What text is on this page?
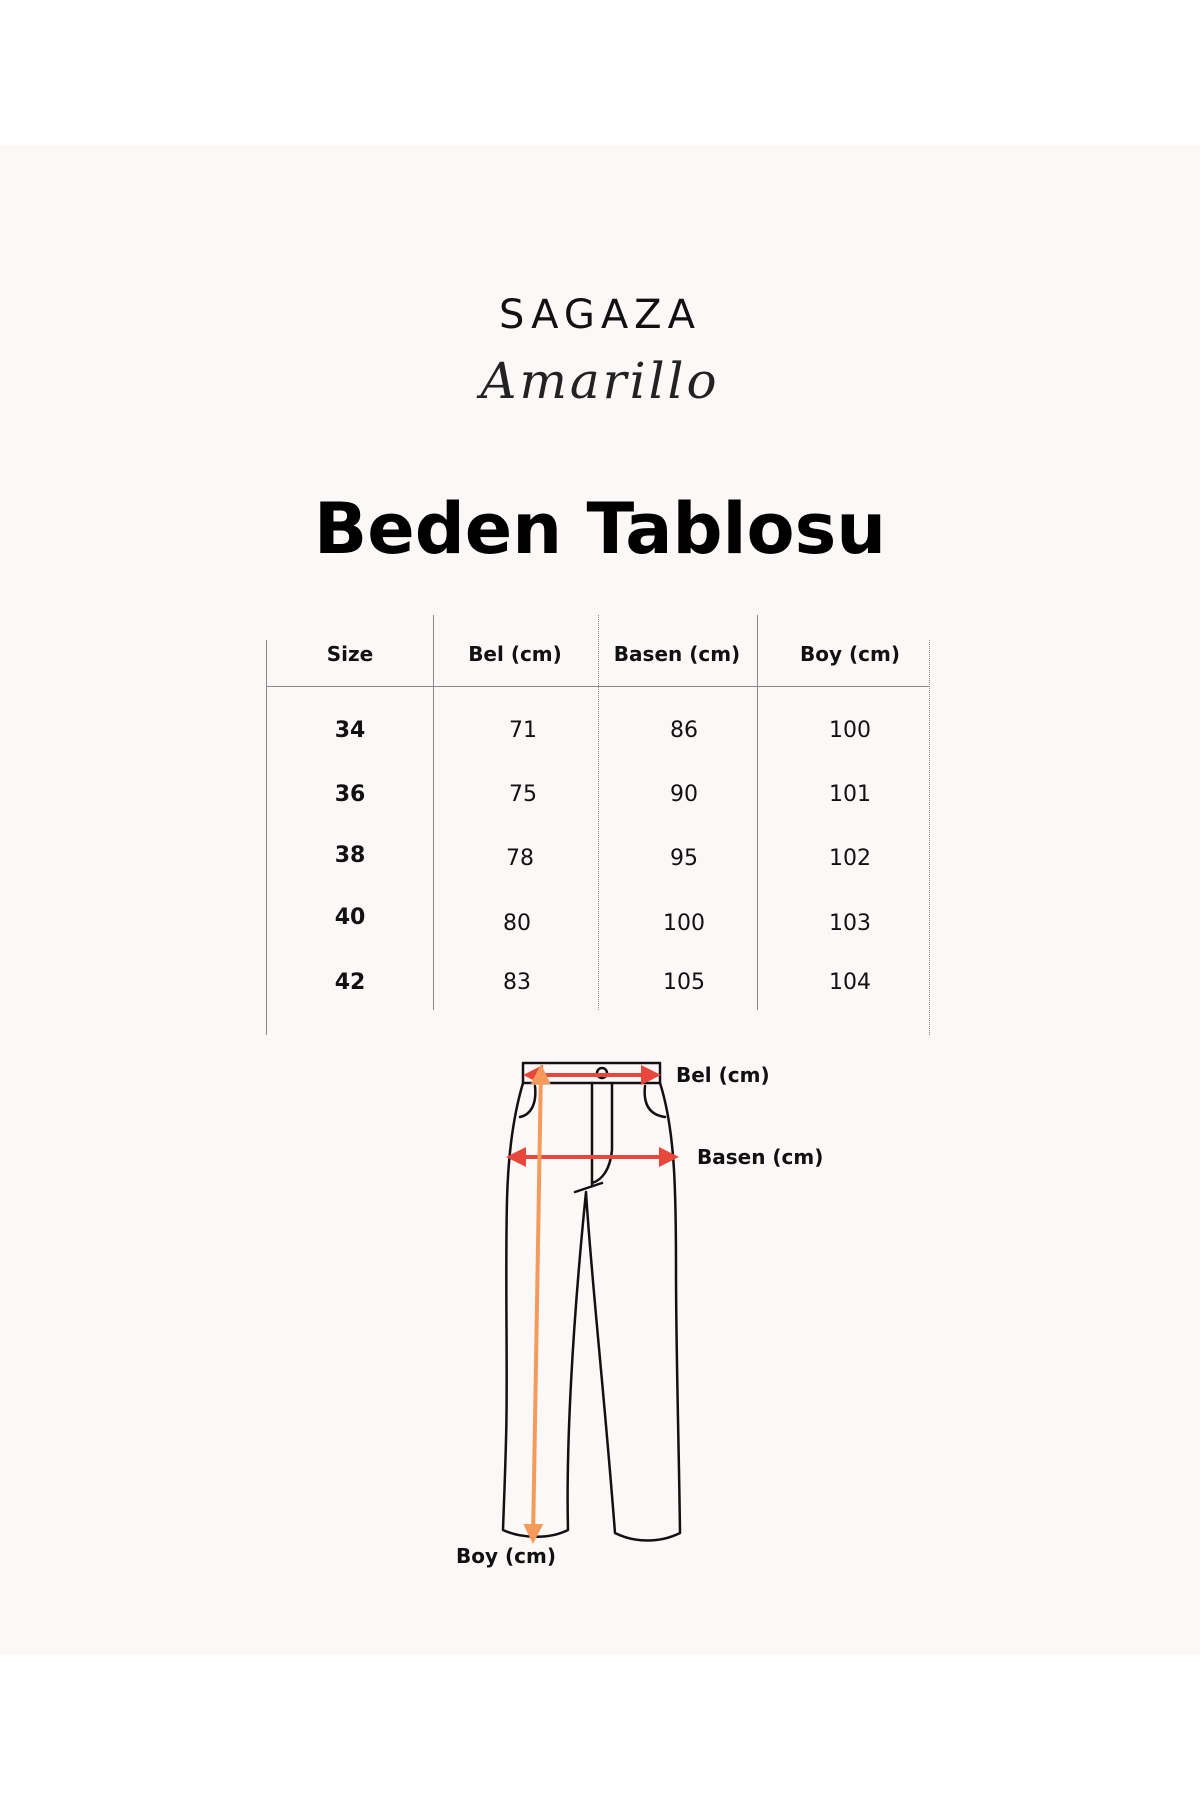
SAGAZA
Amarillo
Beden Tablosu
Size	Bel (cm)	Basen (cm)	Boy (cm)
34	71	86	100
36	75	90	101
38	78	95	102
40	80	100	103
42	83	105	104
Bel (cm)
Basen (cm)
Boy (cm)
